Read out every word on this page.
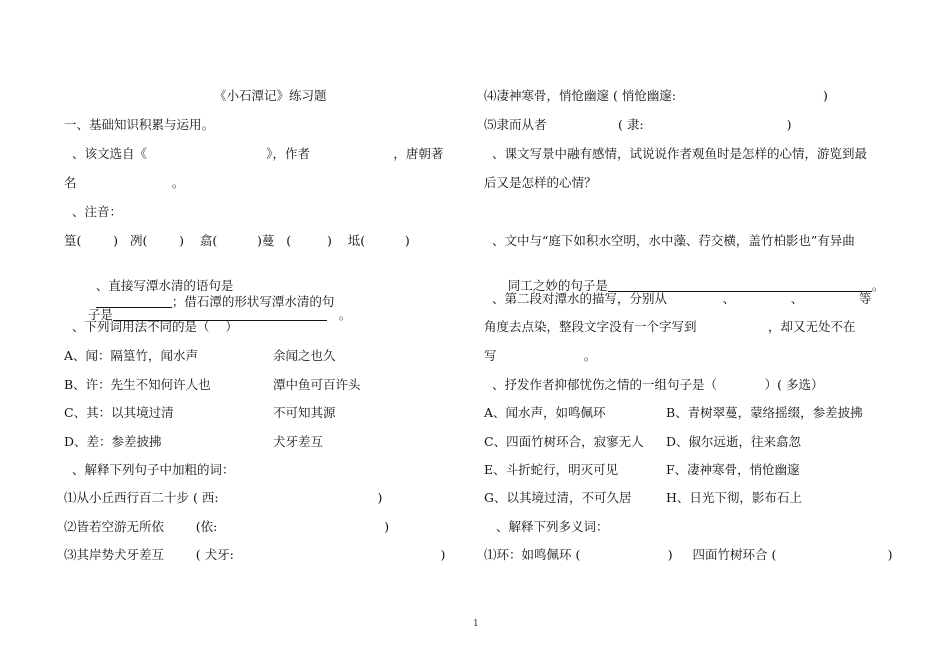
《小石潭记》练习题
一、基础知识积累与运用。
、该文选自《                              》，作者                     ，唐朝著
名                        。
、注音：
篁(        )   冽(        )    翕(          )蔓   (         )    坻(          )

、直接写潭水清的语句是
；借石潭的形状写潭水清的句

子是	。

、下列词用法不同的是（    ）
A、闻：隔篁竹，闻水声	余闻之也久
B、许：先生不知何许人也	潭中鱼可百许头
C、其：以其境过清	不可知其源
D、差：参差披拂	犬牙差互
、解释下列句子中加粗的词：
⑴从小丘西行百二十步 ( 西:                                        )
⑵皆若空游无所依        (依:                                          )
⑶其岸势犬牙差互        ( 犬牙:                                                    )
⑷凄神寒骨，悄怆幽邃 ( 悄怆幽邃:                                     )
⑸隶而从者                  ( 隶:                                    )
、课文写景中融有感情，试说说作者观鱼时是怎样的心情，游览到最
后又是怎样的心情？
、文中与“庭下如积水空明，水中藻、荇交横，盖竹柏影也”有异曲

同工之妙的句子是	。

、第二段对潭水的描写，分别从              、              、              等
角度去点染，整段文字没有一个字写到                  ，却又无处不在
写                      。
、抒发作者抑郁忧伤之情的一组句子是（            ）( 多选）
A、闻水声，如鸣佩环	B、青树翠蔓，蒙络摇缀，参差披拂
C、四面竹树环合，寂寥无人 D、俶尔远逝，往来翕忽
E、斗折蛇行，明灭可见	F、凄神寒骨，悄怆幽邃
G、以其境过清，不可久居	H、日光下彻，影布石上
、解释下列多义词：
⑴环：如鸣佩环 (                      )     四面竹树环合 (                            )
1
